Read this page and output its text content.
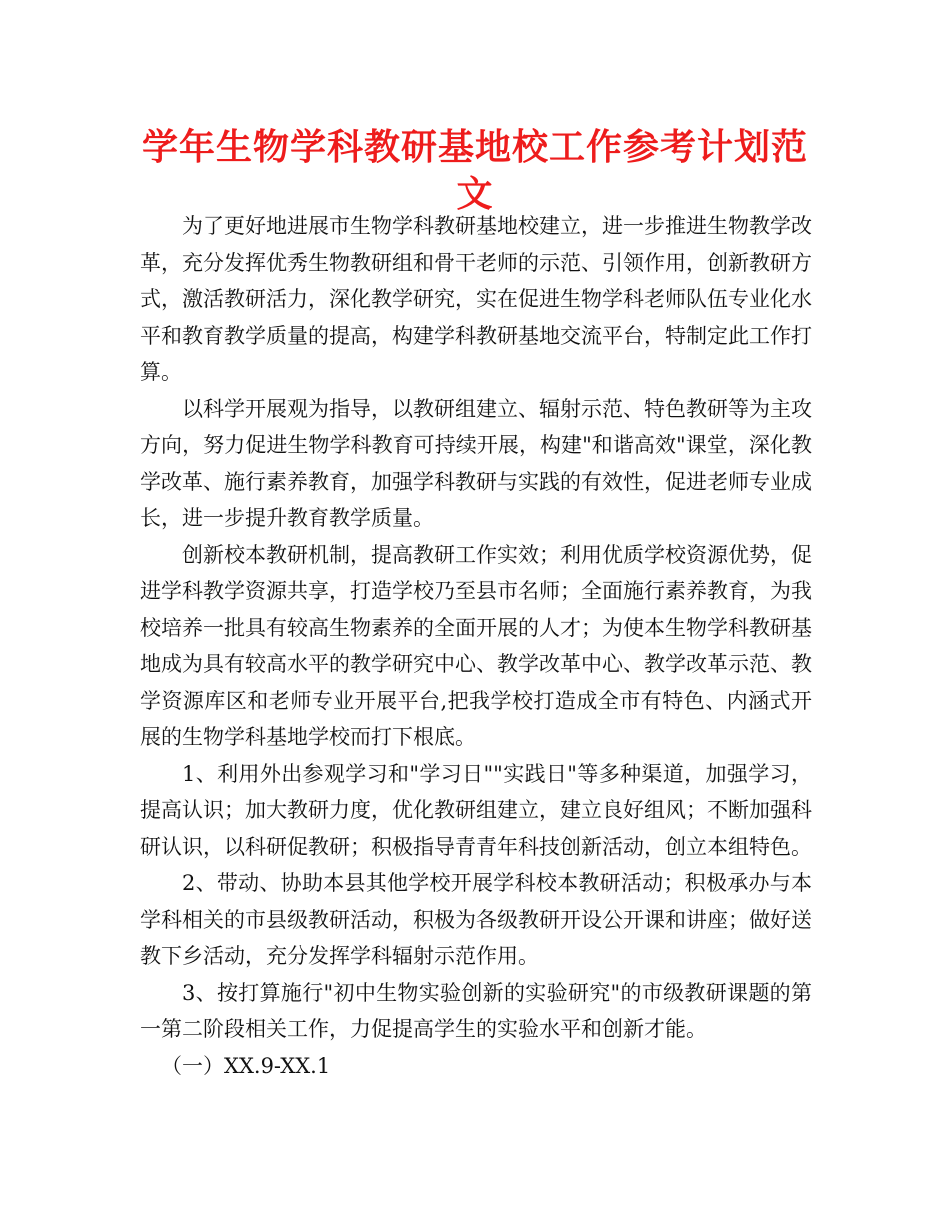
学年生物学科教研基地校工作参考计划范文

为了更好地进展市生物学科教研基地校建立，进一步推进生物教学改革，充分发挥优秀生物教研组和骨干老师的示范、引领作用，创新教研方式，激活教研活力，深化教学研究，实在促进生物学科老师队伍专业化水平和教育教学质量的提高，构建学科教研基地交流平台，特制定此工作打算。

以科学开展观为指导，以教研组建立、辐射示范、特色教研等为主攻方向，努力促进生物学科教育可持续开展，构建"和谐高效"课堂，深化教学改革、施行素养教育，加强学科教研与实践的有效性，促进老师专业成长，进一步提升教育教学质量。

创新校本教研机制，提高教研工作实效；利用优质学校资源优势，促进学科教学资源共享，打造学校乃至县市名师；全面施行素养教育，为我校培养一批具有较高生物素养的全面开展的人才；为使本生物学科教研基地成为具有较高水平的教学研究中心、教学改革中心、教学改革示范、教学资源库区和老师专业开展平台,把我学校打造成全市有特色、内涵式开展的生物学科基地学校而打下根底。

1、利用外出参观学习和"学习日""实践日"等多种渠道，加强学习，提高认识；加大教研力度，优化教研组建立，建立良好组风；不断加强科研认识，以科研促教研；积极指导青青年科技创新活动，创立本组特色。

2、带动、协助本县其他学校开展学科校本教研活动；积极承办与本学科相关的市县级教研活动，积极为各级教研开设公开课和讲座；做好送教下乡活动，充分发挥学科辐射示范作用。

3、按打算施行"初中生物实验创新的实验研究"的市级教研课题的第一第二阶段相关工作，力促提高学生的实验水平和创新才能。

（一）XX.9-XX.1
